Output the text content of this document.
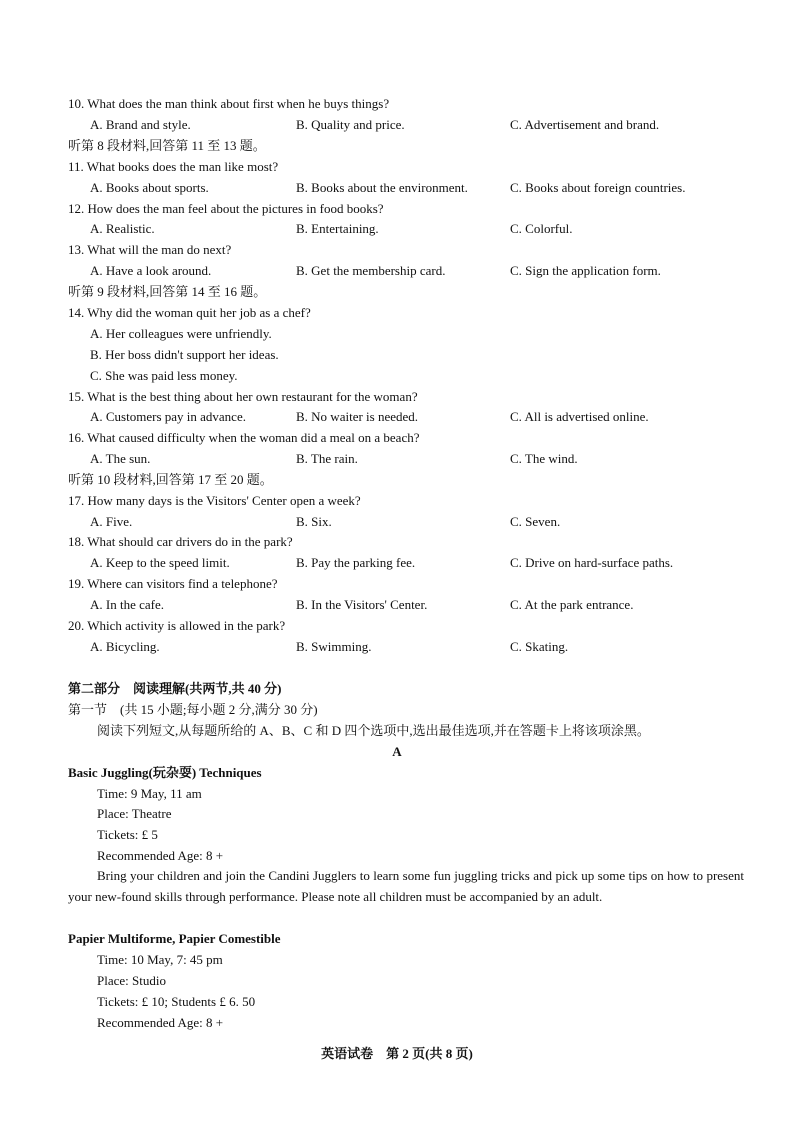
10. What does the man think about first when he buys things?
A. Brand and style.	B. Quality and price.	C. Advertisement and brand.
听第 8 段材料,回答第 11 至 13 题。
11. What books does the man like most?
A. Books about sports.	B. Books about the environment.	C. Books about foreign countries.
12. How does the man feel about the pictures in food books?
A. Realistic.	B. Entertaining.	C. Colorful.
13. What will the man do next?
A. Have a look around.	B. Get the membership card.	C. Sign the application form.
听第 9 段材料,回答第 14 至 16 题。
14. Why did the woman quit her job as a chef?
A. Her colleagues were unfriendly.
B. Her boss didn't support her ideas.
C. She was paid less money.
15. What is the best thing about her own restaurant for the woman?
A. Customers pay in advance.	B. No waiter is needed.	C. All is advertised online.
16. What caused difficulty when the woman did a meal on a beach?
A. The sun.	B. The rain.	C. The wind.
听第 10 段材料,回答第 17 至 20 题。
17. How many days is the Visitors' Center open a week?
A. Five.	B. Six.	C. Seven.
18. What should car drivers do in the park?
A. Keep to the speed limit.	B. Pay the parking fee.	C. Drive on hard-surface paths.
19. Where can visitors find a telephone?
A. In the cafe.	B. In the Visitors' Center.	C. At the park entrance.
20. Which activity is allowed in the park?
A. Bicycling.	B. Swimming.	C. Skating.
第二部分　阅读理解(共两节,共 40 分)
第一节　(共 15 小题;每小题 2 分,满分 30 分)
阅读下列短文,从每题所给的 A、B、C 和 D 四个选项中,选出最佳选项,并在答题卡上将该项涂黑。
A
Basic Juggling(玩杂耍) Techniques
Time: 9 May, 11 am
Place: Theatre
Tickets: £ 5
Recommended Age: 8 +
Bring your children and join the Candini Jugglers to learn some fun juggling tricks and pick up some tips on how to present your new-found skills through performance. Please note all children must be accompanied by an adult.
Papier Multiforme, Papier Comestible
Time: 10 May, 7: 45 pm
Place: Studio
Tickets: £ 10; Students £ 6. 50
Recommended Age: 8 +
英语试卷　第 2 页(共 8 页)
